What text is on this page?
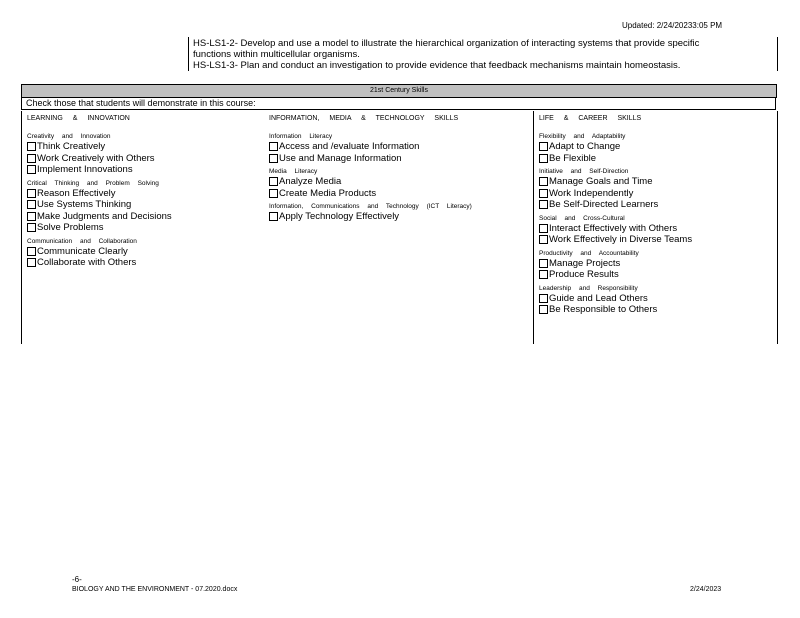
Updated: 2/24/20233:05 PM
HS-LS1-2- Develop and use a model to illustrate the hierarchical organization of interacting systems that provide specific
functions within multicellular organisms.
HS-LS1-3- Plan and conduct an investigation to provide evidence that feedback mechanisms maintain homeostasis.
21st Century Skills
Check those that students will demonstrate in this course:
LEARNING & INNOVATION
Creativity and Innovation
Think Creatively
Work Creatively with Others
Implement Innovations
Critical Thinking and Problem Solving
Reason Effectively
Use Systems Thinking
Make Judgments and Decisions
Solve Problems
Communication and Collaboration
Communicate Clearly
Collaborate with Others
INFORMATION, MEDIA & TECHNOLOGY SKILLS
Information Literacy
Access and /evaluate Information
Use and Manage Information
Media Literacy
Analyze Media
Create Media Products
Information, Communications and Technology (ICT Literacy)
Apply Technology Effectively
LIFE & CAREER SKILLS
Flexibility and Adaptability
Adapt to Change
Be Flexible
Initiative and Self-Direction
Manage Goals and Time
Work Independently
Be Self-Directed Learners
Social and Cross-Cultural
Interact Effectively with Others
Work Effectively in Diverse Teams
Productivity and Accountability
Manage Projects
Produce Results
Leadership and Responsibility
Guide and Lead Others
Be Responsible to Others
-6-
BIOLOGY AND THE ENVIRONMENT - 07.2020.docx	2/24/2023
